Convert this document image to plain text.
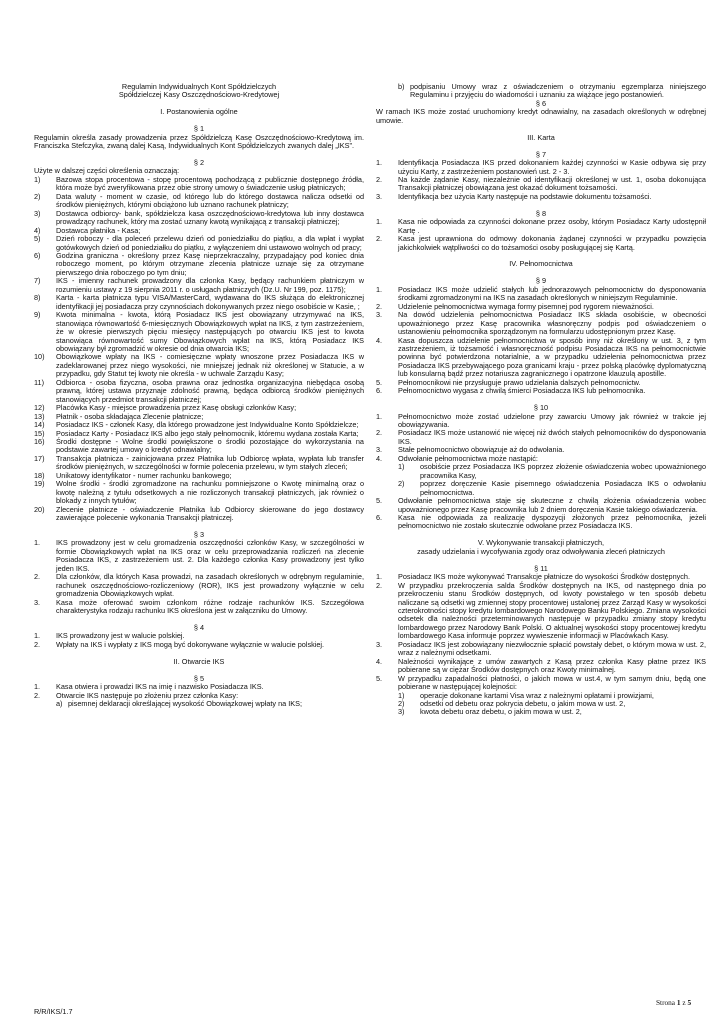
Regulamin Indywidualnych Kont Spółdzielczych
Spółdzielczej Kasy Oszczędnościowo-Kredytowej
I. Postanowienia ogólne
§ 1
Regulamin określa zasady prowadzenia przez Spółdzielczą Kasę Oszczędnościowo-Kredytową im. Franciszka Stefczyka, zwaną dalej Kasą, Indywidualnych Kont Spółdzielczych zwanych dalej „IKS”.
§ 2
Użyte w dalszej części określenia oznaczają:
1)	Bazowa stopa procentowa - stopę procentową pochodzącą z publicznie dostępnego źródła, która może być zweryfikowana przez obie strony umowy o świadczenie usług płatniczych;
2)	Data waluty - moment w czasie, od którego lub do którego dostawca nalicza odsetki od środków pieniężnych, którymi obciążono lub uznano rachunek płatniczy;
3)	Dostawca odbiorcy- bank, spółdzielcza kasa oszczędnościowo-kredytowa lub inny dostawca prowadzący rachunek, który ma zostać uznany kwotą wynikającą z transakcji płatniczej;
4)	Dostawca płatnika - Kasa;
5)	Dzień roboczy - dla poleceń przelewu dzień od poniedziałku do piątku, a dla wpłat i wypłat gotówkowych dzień od poniedziałku do piątku, z wyłączeniem dni ustawowo wolnych od pracy;
6)	Godzina graniczna - określony przez Kasę nieprzekraczalny, przypadający pod koniec dnia roboczego moment, po którym otrzymane zlecenia płatnicze uznaje się za otrzymane pierwszego dnia roboczego po tym dniu;
7)	IKS - imienny rachunek prowadzony dla członka Kasy, będący rachunkiem płatniczym w rozumieniu ustawy z 19 sierpnia 2011 r. o usługach płatniczych (Dz.U. Nr 199, poz. 1175);
8)	Karta - karta płatnicza typu VISA/MasterCard, wydawana do IKS służąca do elektronicznej identyfikacji jej posiadacza przy czynnościach dokonywanych przez niego osobiście w Kasie, ;
9)	Kwota minimalna - kwota, którą Posiadacz IKS jest obowiązany utrzymywać na IKS, stanowiąca równowartość 6-miesięcznych Obowiązkowych wpłat na IKS, z tym zastrzeżeniem, że w okresie pierwszych pięciu miesięcy następujących po otwarciu IKS jest to kwota stanowiąca równowartość sumy Obowiązkowych wpłat na IKS, którą Posiadacz IKS obowiązany był zgromadzić w okresie od dnia otwarcia IKS;
10)	Obowiązkowe wpłaty na IKS - comiesięczne wpłaty wnoszone przez Posiadacza IKS w zadeklarowanej przez niego wysokości, nie mniejszej jednak niż określonej w Statucie, a w przypadku, gdy Statut tej kwoty nie określa - w uchwale Zarządu Kasy;
11)	Odbiorca - osoba fizyczna, osoba prawna oraz jednostka organizacyjna niebędąca osobą prawną, której ustawa przyznaje zdolność prawną, będąca odbiorcą środków pieniężnych stanowiących przedmiot transakcji płatniczej;
12)	Placówka Kasy - miejsce prowadzenia przez Kasę obsługi członków Kasy;
13)	Płatnik - osoba składająca Zlecenie płatnicze;
14)	Posiadacz IKS - członek Kasy, dla którego prowadzone jest Indywidualne Konto Spółdzielcze;
15)	Posiadacz Karty - Posiadacz IKS albo jego stały pełnomocnik, któremu wydana została Karta;
16)	Środki dostępne - Wolne środki powiększone o środki pozostające do wykorzystania na podstawie zawartej umowy o kredyt odnawialny;
17)	Transakcja płatnicza - zainicjowana przez Płatnika lub Odbiorcę wpłata, wypłata lub transfer środków pieniężnych, w szczególności w formie polecenia przelewu, w tym stałych zleceń;
18)	Unikatowy identyfikator - numer rachunku bankowego;
19)	Wolne środki - środki zgromadzone na rachunku pomniejszone o Kwotę minimalną oraz o kwotę należną z tytułu odsetkowych a nie rozliczonych transakcji płatniczych, jak również o blokady z innych tytułów;
20)	Zlecenie płatnicze - oświadczenie Płatnika lub Odbiorcy skierowane do jego dostawcy zawierające polecenie wykonania Transakcji płatniczej.
§ 3
1.	IKS prowadzony jest w celu gromadzenia oszczędności członków Kasy, w szczególności w formie Obowiązkowych wpłat na IKS oraz w celu przeprowadzania rozliczeń na zlecenie Posiadacza IKS, z zastrzeżeniem ust. 2. Dla każdego członka Kasy prowadzony jest tylko jeden IKS.
2.	Dla członków, dla których Kasa prowadzi, na zasadach określonych w odrębnym regulaminie, rachunek oszczędnościowo-rozliczeniowy (ROR), IKS jest prowadzony wyłącznie w celu gromadzenia Obowiązkowych wpłat.
3.	Kasa może oferować swoim członkom różne rodzaje rachunków IKS. Szczegółowa charakterystyka rodzaju rachunku IKS określona jest w załączniku do Umowy.
§ 4
1.	IKS prowadzony jest w walucie polskiej.
2.	Wpłaty na IKS i wypłaty z IKS mogą być dokonywane wyłącznie w walucie polskiej.
II. Otwarcie IKS
§ 5
1.	Kasa otwiera i prowadzi IKS na imię i nazwisko Posiadacza IKS.
2.	Otwarcie IKS następuje po złożeniu przez członka Kasy:
a) pisemnej deklaracji określającej wysokość Obowiązkowej wpłaty na IKS;
b) podpisaniu Umowy wraz z oświadczeniem o otrzymaniu egzemplarza niniejszego Regulaminu i przyjęciu do wiadomości i uznaniu za wiążące jego postanowień.
§ 6
W ramach IKS może zostać uruchomiony kredyt odnawialny, na zasadach określonych w odrębnej umowie.
III. Karta
§ 7
1.	Identyfikacja Posiadacza IKS przed dokonaniem każdej czynności w Kasie odbywa się przy użyciu Karty, z zastrzeżeniem postanowień ust. 2 - 3.
2.	Na każde żądanie Kasy, niezależnie od identyfikacji określonej w ust. 1, osoba dokonująca Transakcji płatniczej obowiązana jest okazać dokument tożsamości.
3.	Identyfikacja bez użycia Karty następuje na podstawie dokumentu tożsamości.
§ 8
1.	Kasa nie odpowiada za czynności dokonane przez osoby, którym Posiadacz Karty udostępnił Kartę .
2.	Kasa jest uprawniona do odmowy dokonania żądanej czynności w przypadku powzięcia jakichkolwiek wątpliwości co do tożsamości osoby posługującej się Kartą.
IV. Pełnomocnictwa
§ 9
1.	Posiadacz IKS może udzielić stałych lub jednorazowych pełnomocnictw do dysponowania środkami zgromadzonymi na IKS na zasadach określonych w niniejszym Regulaminie.
2.	Udzielenie pełnomocnictwa wymaga formy pisemnej pod rygorem nieważności.
3.	Na dowód udzielenia pełnomocnictwa Posiadacz IKS składa osobiście, w obecności upoważnionego przez Kasę pracownika własnoręczny podpis pod oświadczeniem o ustanowieniu pełnomocnika sporządzonym na formularzu udostępnionym przez Kasę.
4.	Kasa dopuszcza udzielenie pełnomocnictwa w sposób inny niż określony w ust. 3, z tym zastrzeżeniem, iż tożsamość i własnoręczność podpisu Posiadacza IKS na pełnomocnictwie powinna być potwierdzona notarialnie, a w przypadku udzielenia pełnomocnictwa przez Posiadacza IKS przebywającego poza granicami kraju - przez polską placówkę dyplomatyczną lub konsularną bądź przez notariusza zagranicznego i opatrzone klauzulą apostille.
5.	Pełnomocnikowi nie przysługuje prawo udzielania dalszych pełnomocnictw.
6.	Pełnomocnictwo wygasa z chwilą śmierci Posiadacza IKS lub pełnomocnika.
§ 10
1.	Pełnomocnictwo może zostać udzielone przy zawarciu Umowy jak również w trakcie jej obowiązywania.
2.	Posiadacz IKS może ustanowić nie więcej niż dwóch stałych pełnomocników do dysponowania IKS.
3.	Stałe pełnomocnictwo obowiązuje aż do odwołania.
4.	Odwołanie pełnomocnictwa może nastąpić:
1)	osobiście przez Posiadacza IKS poprzez złożenie oświadczenia wobec upoważnionego pracownika Kasy,
2)	poprzez doręczenie Kasie pisemnego oświadczenia Posiadacza IKS o odwołaniu pełnomocnictwa.
5.	Odwołanie pełnomocnictwa staje się skuteczne z chwilą złożenia oświadczenia wobec upoważnionego przez Kasę pracownika lub 2 dniem doręczenia Kasie takiego oświadczenia.
6.	Kasa nie odpowiada za realizację dyspozycji złożonych przez pełnomocnika, jeżeli pełnomocnictwo nie zostało skutecznie odwołane przez Posiadacza IKS.
V. Wykonywanie transakcji płatniczych,
zasady udzielania i wycofywania zgody oraz odwoływania zleceń płatniczych
§ 11
1.	Posiadacz IKS może wykonywać Transakcje płatnicze do wysokości Środków dostępnych.
2.	W przypadku przekroczenia salda Środków dostępnych na IKS, od następnego dnia po przekroczeniu stanu Środków dostępnych, od kwoty powstałego w ten sposób debetu naliczane są odsetki wg zmiennej stopy procentowej ustalonej przez Zarząd Kasy w wysokości czterokrotności stopy kredytu lombardowego Narodowego Banku Polskiego. Zmiana wysokości odsetek dla należności przeterminowanych następuje w przypadku zmiany stopy kredytu lombardowego przez Narodowy Bank Polski. O aktualnej wysokości stopy procentowej kredytu lombardowego Kasa informuje poprzez wywieszenie informacji w Placówkach Kasy.
3.	Posiadacz IKS jest zobowiązany niezwłocznie spłacić powstały debet, o którym mowa w ust. 2, wraz z należnymi odsetkami.
4.	Należności wynikające z umów zawartych z Kasą przez członka Kasy płatne przez IKS pobierane są w ciężar Środków dostępnych oraz Kwoty minimalnej.
5.	W przypadku zapadalności płatności, o jakich mowa w ust.4, w tym samym dniu, będą one pobierane w następującej kolejności:
1)	operacje dokonane kartami Visa wraz z należnymi opłatami i prowizjami,
2)	odsetki od debetu oraz pokrycia debetu, o jakim mowa w ust. 2,
3)	kwota debetu oraz debetu, o jakim mowa w ust. 2,
R/R/IKS/1.7
Strona 1 z 5
